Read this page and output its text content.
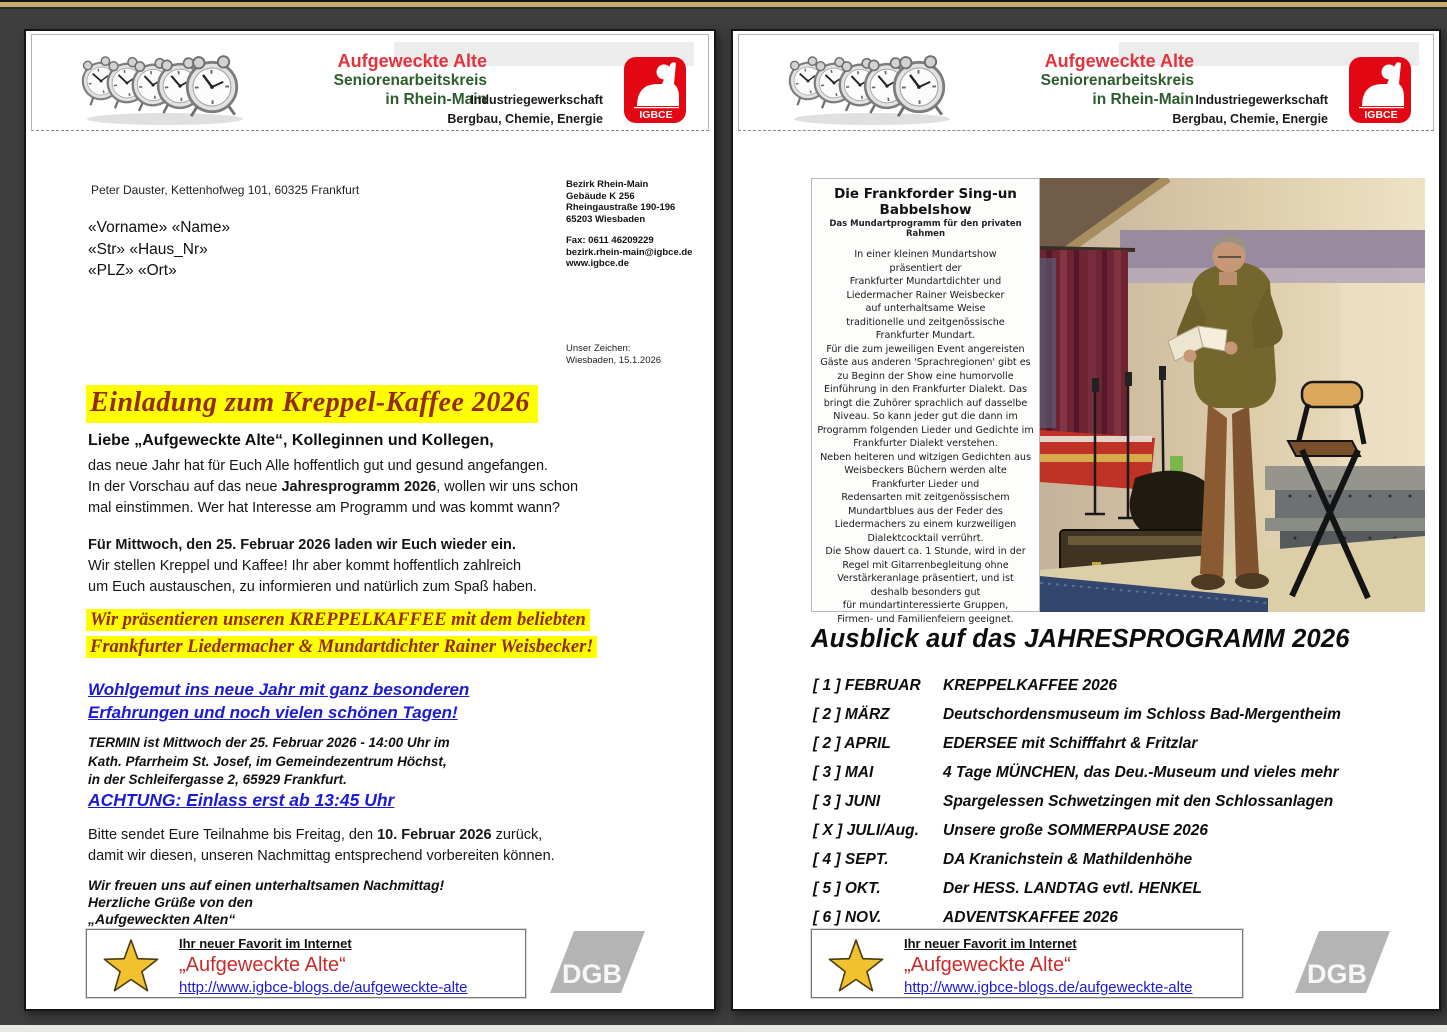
Aufgeweckte Alte
Seniorenarbeitskreis
in Rhein-Main
Industriegewerkschaft
Bergbau, Chemie, Energie
Peter Dauster, Kettenhofweg 101, 60325 Frankfurt
«Vorname» «Name»
«Str» «Haus_Nr»
«PLZ» «Ort»
Bezirk Rhein-Main
Gebäude K 256
Rheingaustraße 190-196
65203 Wiesbaden
Fax: 0611 46209229
bezirk.rhein-main@igbce.de
www.igbce.de
Unser Zeichen:
Wiesbaden, 15.1.2026
Einladung zum Kreppel-Kaffee 2026
Liebe „Aufgeweckte Alte“, Kolleginnen und Kollegen,
das neue Jahr hat für Euch Alle hoffentlich gut und gesund angefangen.
In der Vorschau auf das neue Jahresprogramm 2026, wollen wir uns schon
mal einstimmen. Wer hat Interesse am Programm und was kommt wann?
Für Mittwoch, den 25. Februar 2026 laden wir Euch wieder ein.
Wir stellen Kreppel und Kaffee! Ihr aber kommt hoffentlich zahlreich
um Euch austauschen, zu informieren und natürlich zum Spaß haben.
Wir präsentieren unseren KREPPELKAFFEE mit dem beliebten
Frankfurter Liedermacher & Mundartdichter Rainer Weisbecker!
Wohlgemut ins neue Jahr mit ganz besonderen
Erfahrungen und noch vielen schönen Tagen!
TERMIN ist Mittwoch der 25. Februar 2026 - 14:00 Uhr im
Kath. Pfarrheim St. Josef, im Gemeindezentrum Höchst,
in der Schleifergasse 2, 65929 Frankfurt.
ACHTUNG: Einlass erst ab 13:45 Uhr
Bitte sendet Eure Teilnahme bis Freitag, den 10. Februar 2026 zurück,
damit wir diesen, unseren Nachmittag entsprechend vorbereiten können.
Wir freuen uns auf einen unterhaltsamen Nachmittag!
Herzliche Grüße von den
„Aufgeweckten Alten“
Ihr neuer Favorit im Internet
„Aufgeweckte Alte“
http://www.igbce-blogs.de/aufgeweckte-alte
Aufgeweckte Alte
Seniorenarbeitskreis
in Rhein-Main Industriegewerkschaft
Bergbau, Chemie, Energie
Die Frankforder Sing-un Babbelshow
Das Mundartprogramm für den privaten Rahmen
In einer kleinen Mundartshow
präsentiert der
Frankfurter Mundartdichter und
Liedermacher Rainer Weisbecker
auf unterhaltsame Weise
traditionelle und zeitgenössische
Frankfurter Mundart.
Für die zum jeweiligen Event angereisten
Gäste aus anderen 'Sprachregionen' gibt es
zu Beginn der Show eine humorvolle
Einführung in den Frankfurter Dialekt. Das
bringt die Zuhörer sprachlich auf dasselbe
Niveau. So kann jeder gut die dann im
Programm folgenden Lieder und Gedichte im
Frankfurter Dialekt verstehen.
Neben heiteren und witzigen Gedichten aus
Weisbeckers Büchern werden alte
Frankfurter Lieder und
Redensarten mit zeitgenössischem
Mundartblues aus der Feder des
Liedermachers zu einem kurzweiligen
Dialektcocktail verrührt.
Die Show dauert ca. 1 Stunde, wird in der
Regel mit Gitarrenbegleitung ohne
Verstärkeranlage präsentiert, und ist
deshalb besonders gut
für mundartinteressierte Gruppen,
Firmen- und Familienfeiern geeignet.
Ausblick auf das JAHRESPROGRAMM 2026
[ 1 ] FEBRUAR	KREPPELKAFFEE 2026
[ 2 ] MÄRZ	Deutschordensmuseum im Schloss Bad-Mergentheim
[ 2 ] APRIL	EDERSEE mit Schifffahrt & Fritzlar
[ 3 ] MAI	4 Tage MÜNCHEN, das Deu.-Museum und vieles mehr
[ 3 ] JUNI	Spargelessen Schwetzingen mit den Schlossanlagen
[ X ] JULI/Aug.	Unsere große SOMMERPAUSE 2026
[ 4 ] SEPT.	DA Kranichstein & Mathildenhöhe
[ 5 ] OKT.	Der HESS. LANDTAG evtl. HENKEL
[ 6 ] NOV.	ADVENTSKAFFEE 2026
Ihr neuer Favorit im Internet
„Aufgeweckte Alte“
http://www.igbce-blogs.de/aufgeweckte-alte
